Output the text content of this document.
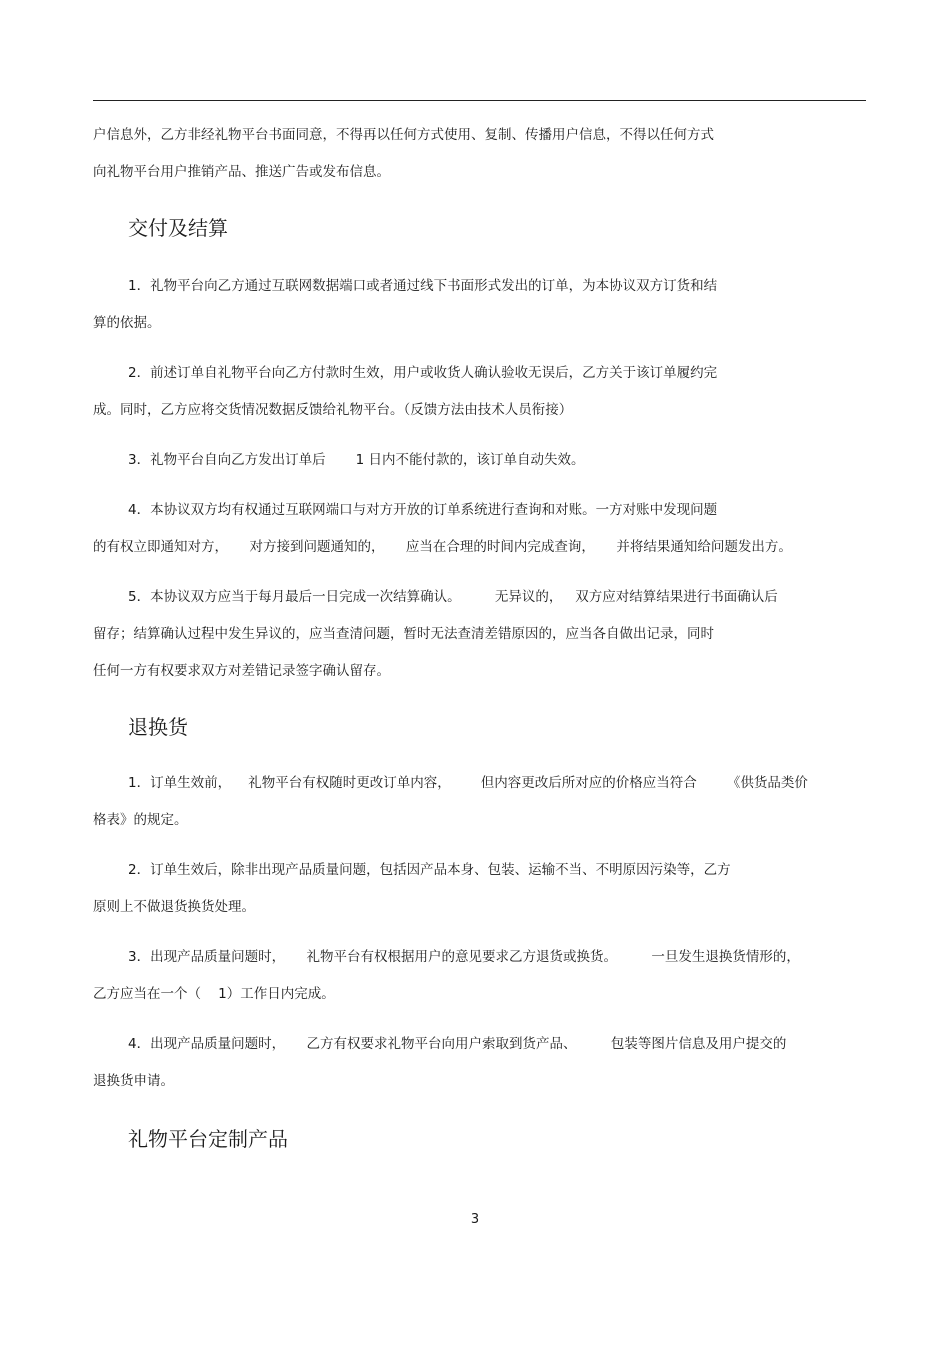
户信息外，乙方非经礼物平台书面同意，不得再以任何方式使用、复制、传播用户信息，不得以任何方式
向礼物平台用户推销产品、推送广告或发布信息。
交付及结算
1．礼物平台向乙方通过互联网数据端口或者通过线下书面形式发出的订单，为本协议双方订货和结
算的依据。
2．前述订单自礼物平台向乙方付款时生效，用户或收货人确认验收无误后，乙方关于该订单履约完
成。同时，乙方应将交货情况数据反馈给礼物平台。（反馈方法由技术人员衔接）
3．礼物平台自向乙方发出订单后       1 日内不能付款的，该订单自动失效。
4．本协议双方均有权通过互联网端口与对方开放的订单系统进行查询和对账。一方对账中发现问题
的有权立即通知对方，     对方接到问题通知的，     应当在合理的时间内完成查询，     并将结果通知给问题发出方。
5．本协议双方应当于每月最后一日完成一次结算确认。        无异议的，   双方应对结算结果进行书面确认后
留存；结算确认过程中发生异议的，应当查清问题，暂时无法查清差错原因的，应当各自做出记录，同时
任何一方有权要求双方对差错记录签字确认留存。
退换货
1．订单生效前，    礼物平台有权随时更改订单内容，       但内容更改后所对应的价格应当符合       《供货品类价
格表》的规定。
2．订单生效后，除非出现产品质量问题，包括因产品本身、包装、运输不当、不明原因污染等，乙方
原则上不做退货换货处理。
3．出现产品质量问题时，     礼物平台有权根据用户的意见要求乙方退货或换货。        一旦发生退换货情形的，
乙方应当在一个（    1）工作日内完成。
4．出现产品质量问题时，     乙方有权要求礼物平台向用户索取到货产品、        包装等图片信息及用户提交的
退换货申请。
礼物平台定制产品
3
